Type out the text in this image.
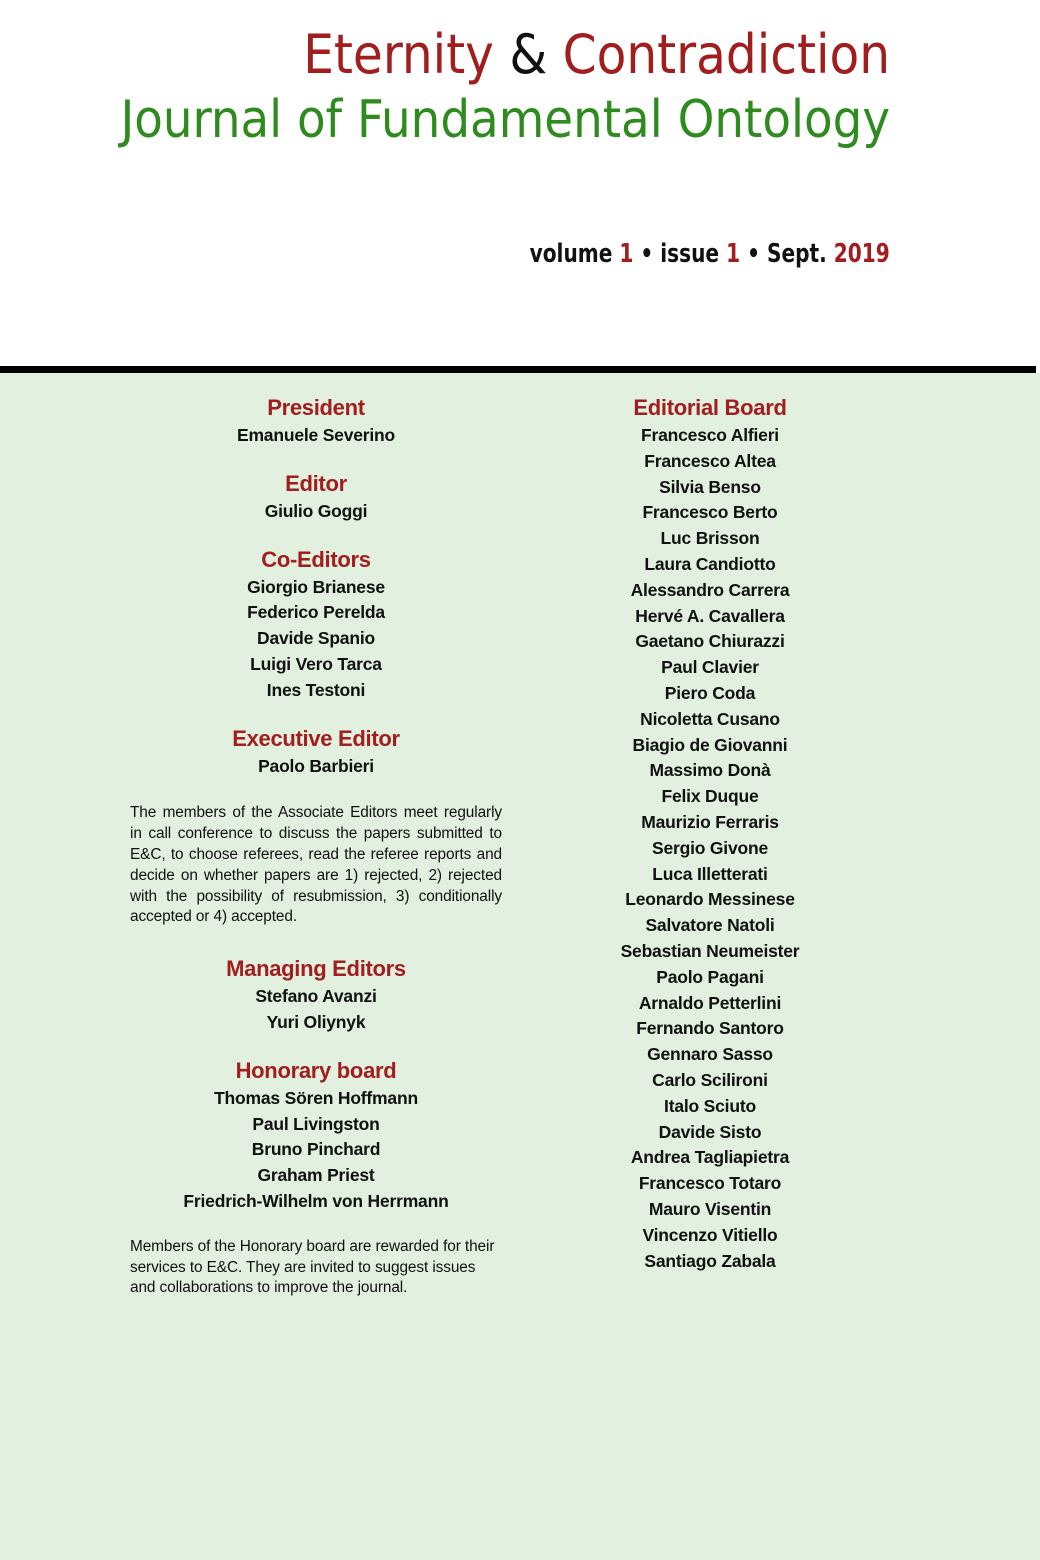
Eternity & Contradiction
Journal of Fundamental Ontology
volume 1 • issue 1 • Sept. 2019
President
Emanuele Severino
Editor
Giulio Goggi
Co-Editors
Giorgio Brianese
Federico Perelda
Davide Spanio
Luigi Vero Tarca
Ines Testoni
Executive Editor
Paolo Barbieri

The members of the Associate Editors meet regularly in call conference to discuss the papers submitted to E&C, to choose referees, read the referee reports and decide on whether papers are 1) rejected, 2) rejected with the possibility of resubmission, 3) conditionally accepted or 4) accepted.

Managing Editors
Stefano Avanzi
Yuri Oliynyk
Honorary board
Thomas Sören Hoffmann
Paul Livingston
Bruno Pinchard
Graham Priest
Friedrich-Wilhelm von Herrmann

Members of the Honorary board are rewarded for their services to E&C. They are invited to suggest issues and collaborations to improve the journal.

Editorial Board
Francesco Alfieri
Francesco Altea
Silvia Benso
Francesco Berto
Luc Brisson
Laura Candiotto
Alessandro Carrera
Hervé A. Cavallera
Gaetano Chiurazzi
Paul Clavier
Piero Coda
Nicoletta Cusano
Biagio de Giovanni
Massimo Donà
Felix Duque
Maurizio Ferraris
Sergio Givone
Luca Illetterati
Leonardo Messinese
Salvatore Natoli
Sebastian Neumeister
Paolo Pagani
Arnaldo Petterlini
Fernando Santoro
Gennaro Sasso
Carlo Scilironi
Italo Sciuto
Davide Sisto
Andrea Tagliapietra
Francesco Totaro
Mauro Visentin
Vincenzo Vitiello
Santiago Zabala
